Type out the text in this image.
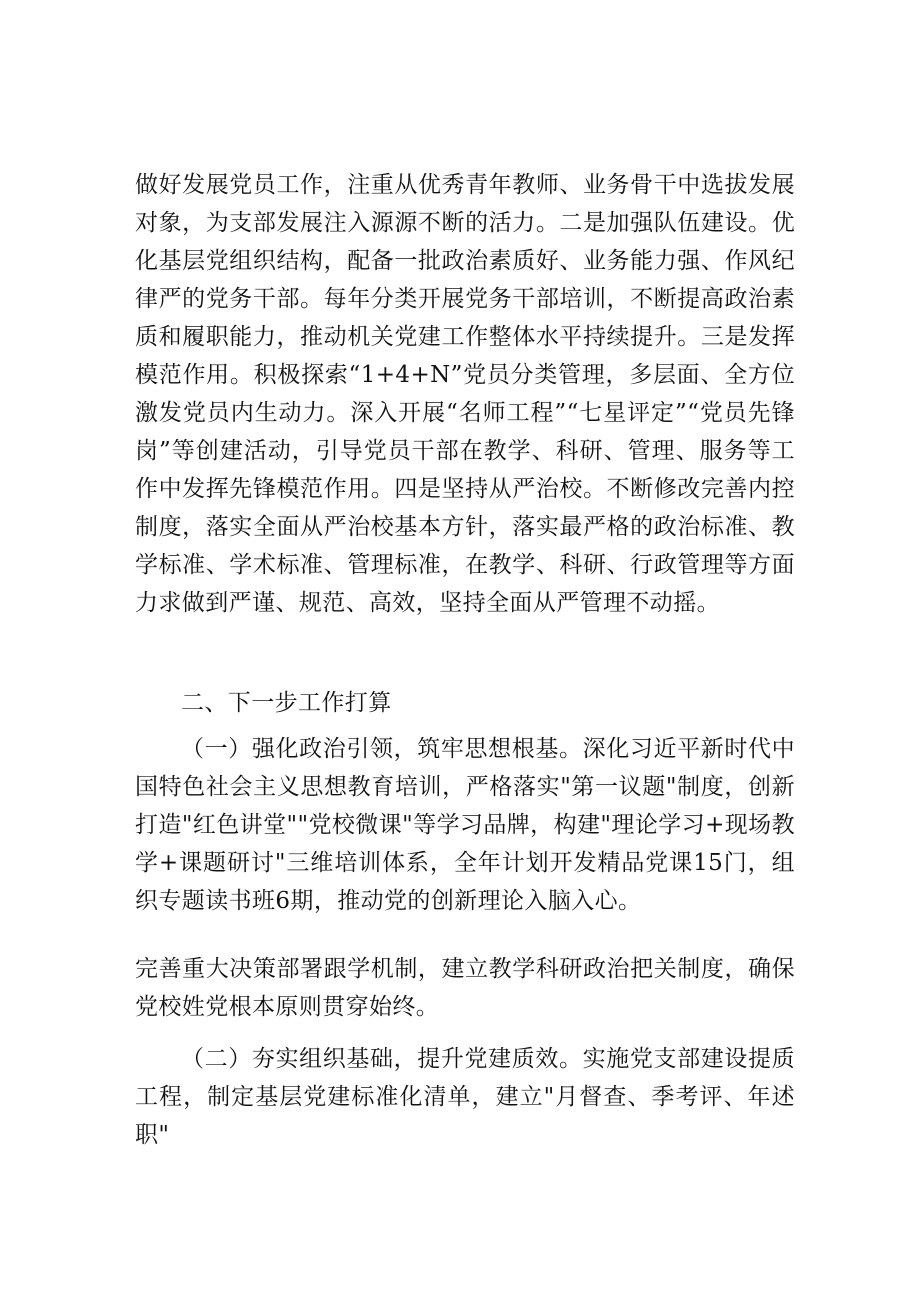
做好发展党员工作，注重从优秀青年教师、业务骨干中选拔发展对象，为支部发展注入源源不断的活力。二是加强队伍建设。优化基层党组织结构，配备一批政治素质好、业务能力强、作风纪律严的党务干部。每年分类开展党务干部培训，不断提高政治素质和履职能力，推动机关党建工作整体水平持续提升。三是发挥模范作用。积极探索“1+4+N”党员分类管理，多层面、全方位激发党员内生动力。深入开展“名师工程”“七星评定”“党员先锋岗”等创建活动，引导党员干部在教学、科研、管理、服务等工作中发挥先锋模范作用。四是坚持从严治校。不断修改完善内控制度，落实全面从严治校基本方针，落实最严格的政治标准、教学标准、学术标准、管理标准，在教学、科研、行政管理等方面力求做到严谨、规范、高效，坚持全面从严管理不动摇。

二、下一步工作打算

（一）强化政治引领，筑牢思想根基。深化习近平新时代中国特色社会主义思想教育培训，严格落实"第一议题"制度，创新打造"红色讲堂""党校微课"等学习品牌，构建"理论学习+现场教学+课题研讨"三维培训体系，全年计划开发精品党课15门，组织专题读书班6期，推动党的创新理论入脑入心。

完善重大决策部署跟学机制，建立教学科研政治把关制度，确保党校姓党根本原则贯穿始终。

（二）夯实组织基础，提升党建质效。实施党支部建设提质工程，制定基层党建标准化清单，建立"月督查、季考评、年述职"
